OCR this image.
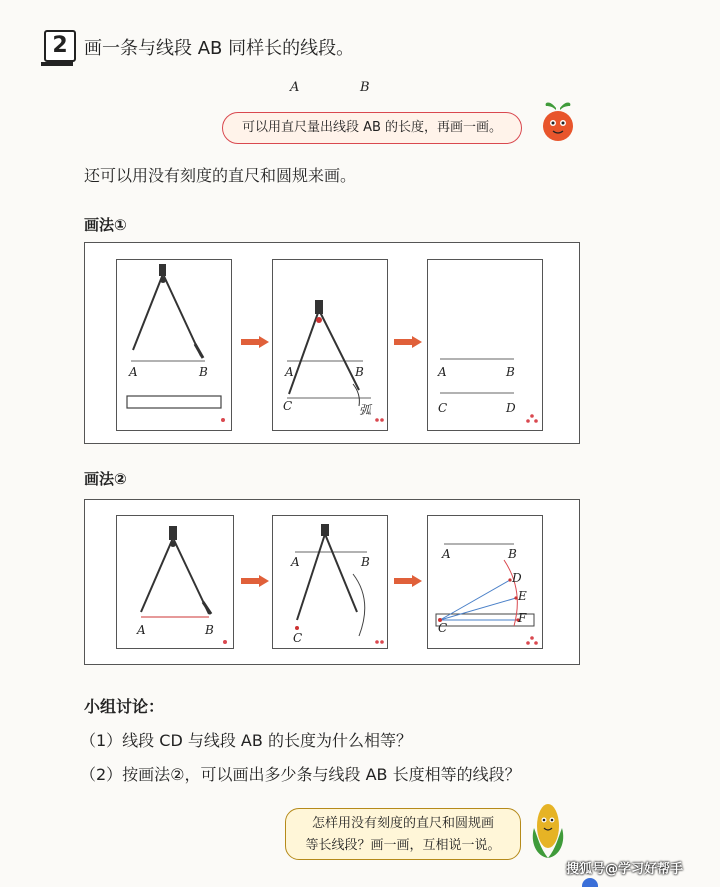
2 画一条与线段 AB 同样长的线段。
A	B
可以用直尺量出线段 AB 的长度，再画一画。
还可以用没有刻度的直尺和圆规来画。
画法①
A	B	A	B
C	弧
A	B
C	D
画法②
A	B
A	B
C
A	B
C
D
E
F
小组讨论：
（1）线段 CD 与线段 AB 的长度为什么相等？
（2）按画法②，可以画出多少条与线段 AB 长度相等的线段？
怎样用没有刻度的直尺和圆规画
等长线段？画一画，互相说一说。
搜狐号@学习好帮手
